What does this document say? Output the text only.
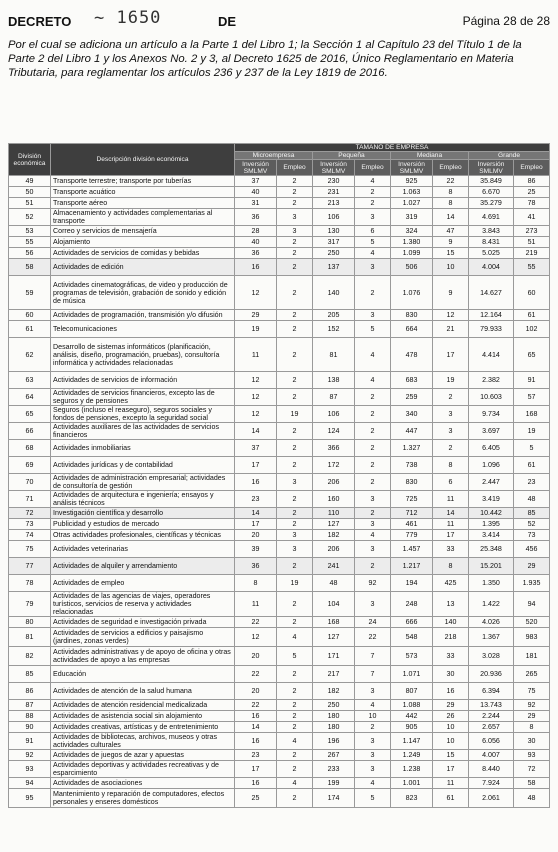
DECRETO ~ 1650	DE	Página 28 de 28
Por el cual se adiciona un artículo a la Parte 1 del Libro 1; la Sección 1 al Capítulo 23 del Título 1 de la Parte 2 del Libro 1 y los Anexos No. 2 y 3, al Decreto 1625 de 2016, Único Reglamentario en Materia Tributaria, para reglamentar los artículos 236 y 237 de la Ley 1819 de 2016.
División económica	Descripción división económica	TAMAÑO DE EMPRESA							
		Microempresa		Pequeña		Mediana		Grande	
		Inversión SMLMV	Empleo	Inversión SMLMV	Empleo	Inversión SMLMV	Empleo	Inversión SMLMV	Empleo
49	Transporte terrestre; transporte por tuberías	37	2	230	4	925	22	35.849	86
50	Transporte acuático	40	2	231	2	1.063	8	6.670	25
51	Transporte aéreo	31	2	213	2	1.027	8	35.279	78
52	Almacenamiento y actividades complementarias al transporte	36	3	106	3	319	14	4.691	41
53	Correo y servicios de mensajería	28	3	130	6	324	47	3.843	273
55	Alojamiento	40	2	317	5	1.380	9	8.431	51
56	Actividades de servicios de comidas y bebidas	36	2	250	4	1.099	15	5.025	219
58	Actividades de edición	16	2	137	3	506	10	4.004	55
59	Actividades cinematográficas, de video y producción de programas de televisión, grabación de sonido y edición de música	12	2	140	2	1.076	9	14.627	60
60	Actividades de programación, transmisión y/o difusión	29	2	205	3	830	12	12.164	61
61	Telecomunicaciones	19	2	152	5	664	21	79.933	102
62	Desarrollo de sistemas informáticos (planificación, análisis, diseño, programación, pruebas), consultoría informática y actividades relacionadas	11	2	81	4	478	17	4.414	65
63	Actividades de servicios de información	12	2	138	4	683	19	2.382	91
64	Actividades de servicios financieros, excepto las de seguros y de pensiones	12	2	87	2	259	2	10.603	57
65	Seguros (incluso el reaseguro), seguros sociales y fondos de pensiones, excepto la seguridad social	12	19	106	2	340	3	9.734	168
66	Actividades auxiliares de las actividades de servicios financieros	14	2	124	2	447	3	3.697	19
68	Actividades inmobiliarias	37	2	366	2	1.327	2	6.405	5
69	Actividades jurídicas y de contabilidad	17	2	172	2	738	8	1.096	61
70	Actividades de administración empresarial; actividades de consultoría de gestión	16	3	206	2	830	6	2.447	23
71	Actividades de arquitectura e ingeniería; ensayos y análisis técnicos	23	2	160	3	725	11	3.419	48
72	Investigación científica y desarrollo	14	2	110	2	712	14	10.442	85
73	Publicidad y estudios de mercado	17	2	127	3	461	11	1.395	52
74	Otras actividades profesionales, científicas y técnicas	20	3	182	4	779	17	3.414	73
75	Actividades veterinarias	39	3	206	3	1.457	33	25.348	456
77	Actividades de alquiler y arrendamiento	36	2	241	2	1.217	8	15.201	29
78	Actividades de empleo	8	19	48	92	194	425	1.350	1.935
79	Actividades de las agencias de viajes, operadores turísticos, servicios de reserva y actividades relacionadas	11	2	104	3	248	13	1.422	94
80	Actividades de seguridad e investigación privada	22	2	168	24	666	140	4.026	520
81	Actividades de servicios a edificios y paisajismo (jardines, zonas verdes)	12	4	127	22	548	218	1.367	983
82	Actividades administrativas y de apoyo de oficina y otras actividades de apoyo a las empresas	20	5	171	7	573	33	3.028	181
85	Educación	22	2	217	7	1.071	30	20.936	265
86	Actividades de atención de la salud humana	20	2	182	3	807	16	6.394	75
87	Actividades de atención residencial medicalizada	22	2	250	4	1.088	29	13.743	92
88	Actividades de asistencia social sin alojamiento	16	2	180	10	442	26	2.244	29
90	Actividades creativas, artísticas y de entretenimiento	14	2	180	2	905	10	2.657	8
91	Actividades de bibliotecas, archivos, museos y otras actividades culturales	16	4	196	3	1.147	10	6.056	30
92	Actividades de juegos de azar y apuestas	23	2	267	3	1.249	15	4.007	93
93	Actividades deportivas y actividades recreativas y de esparcimiento	17	2	233	3	1.238	17	8.440	72
94	Actividades de asociaciones	16	4	199	4	1.001	11	7.924	58
95	Mantenimiento y reparación de computadores, efectos personales y enseres domésticos	25	2	174	5	823	61	2.061	48
